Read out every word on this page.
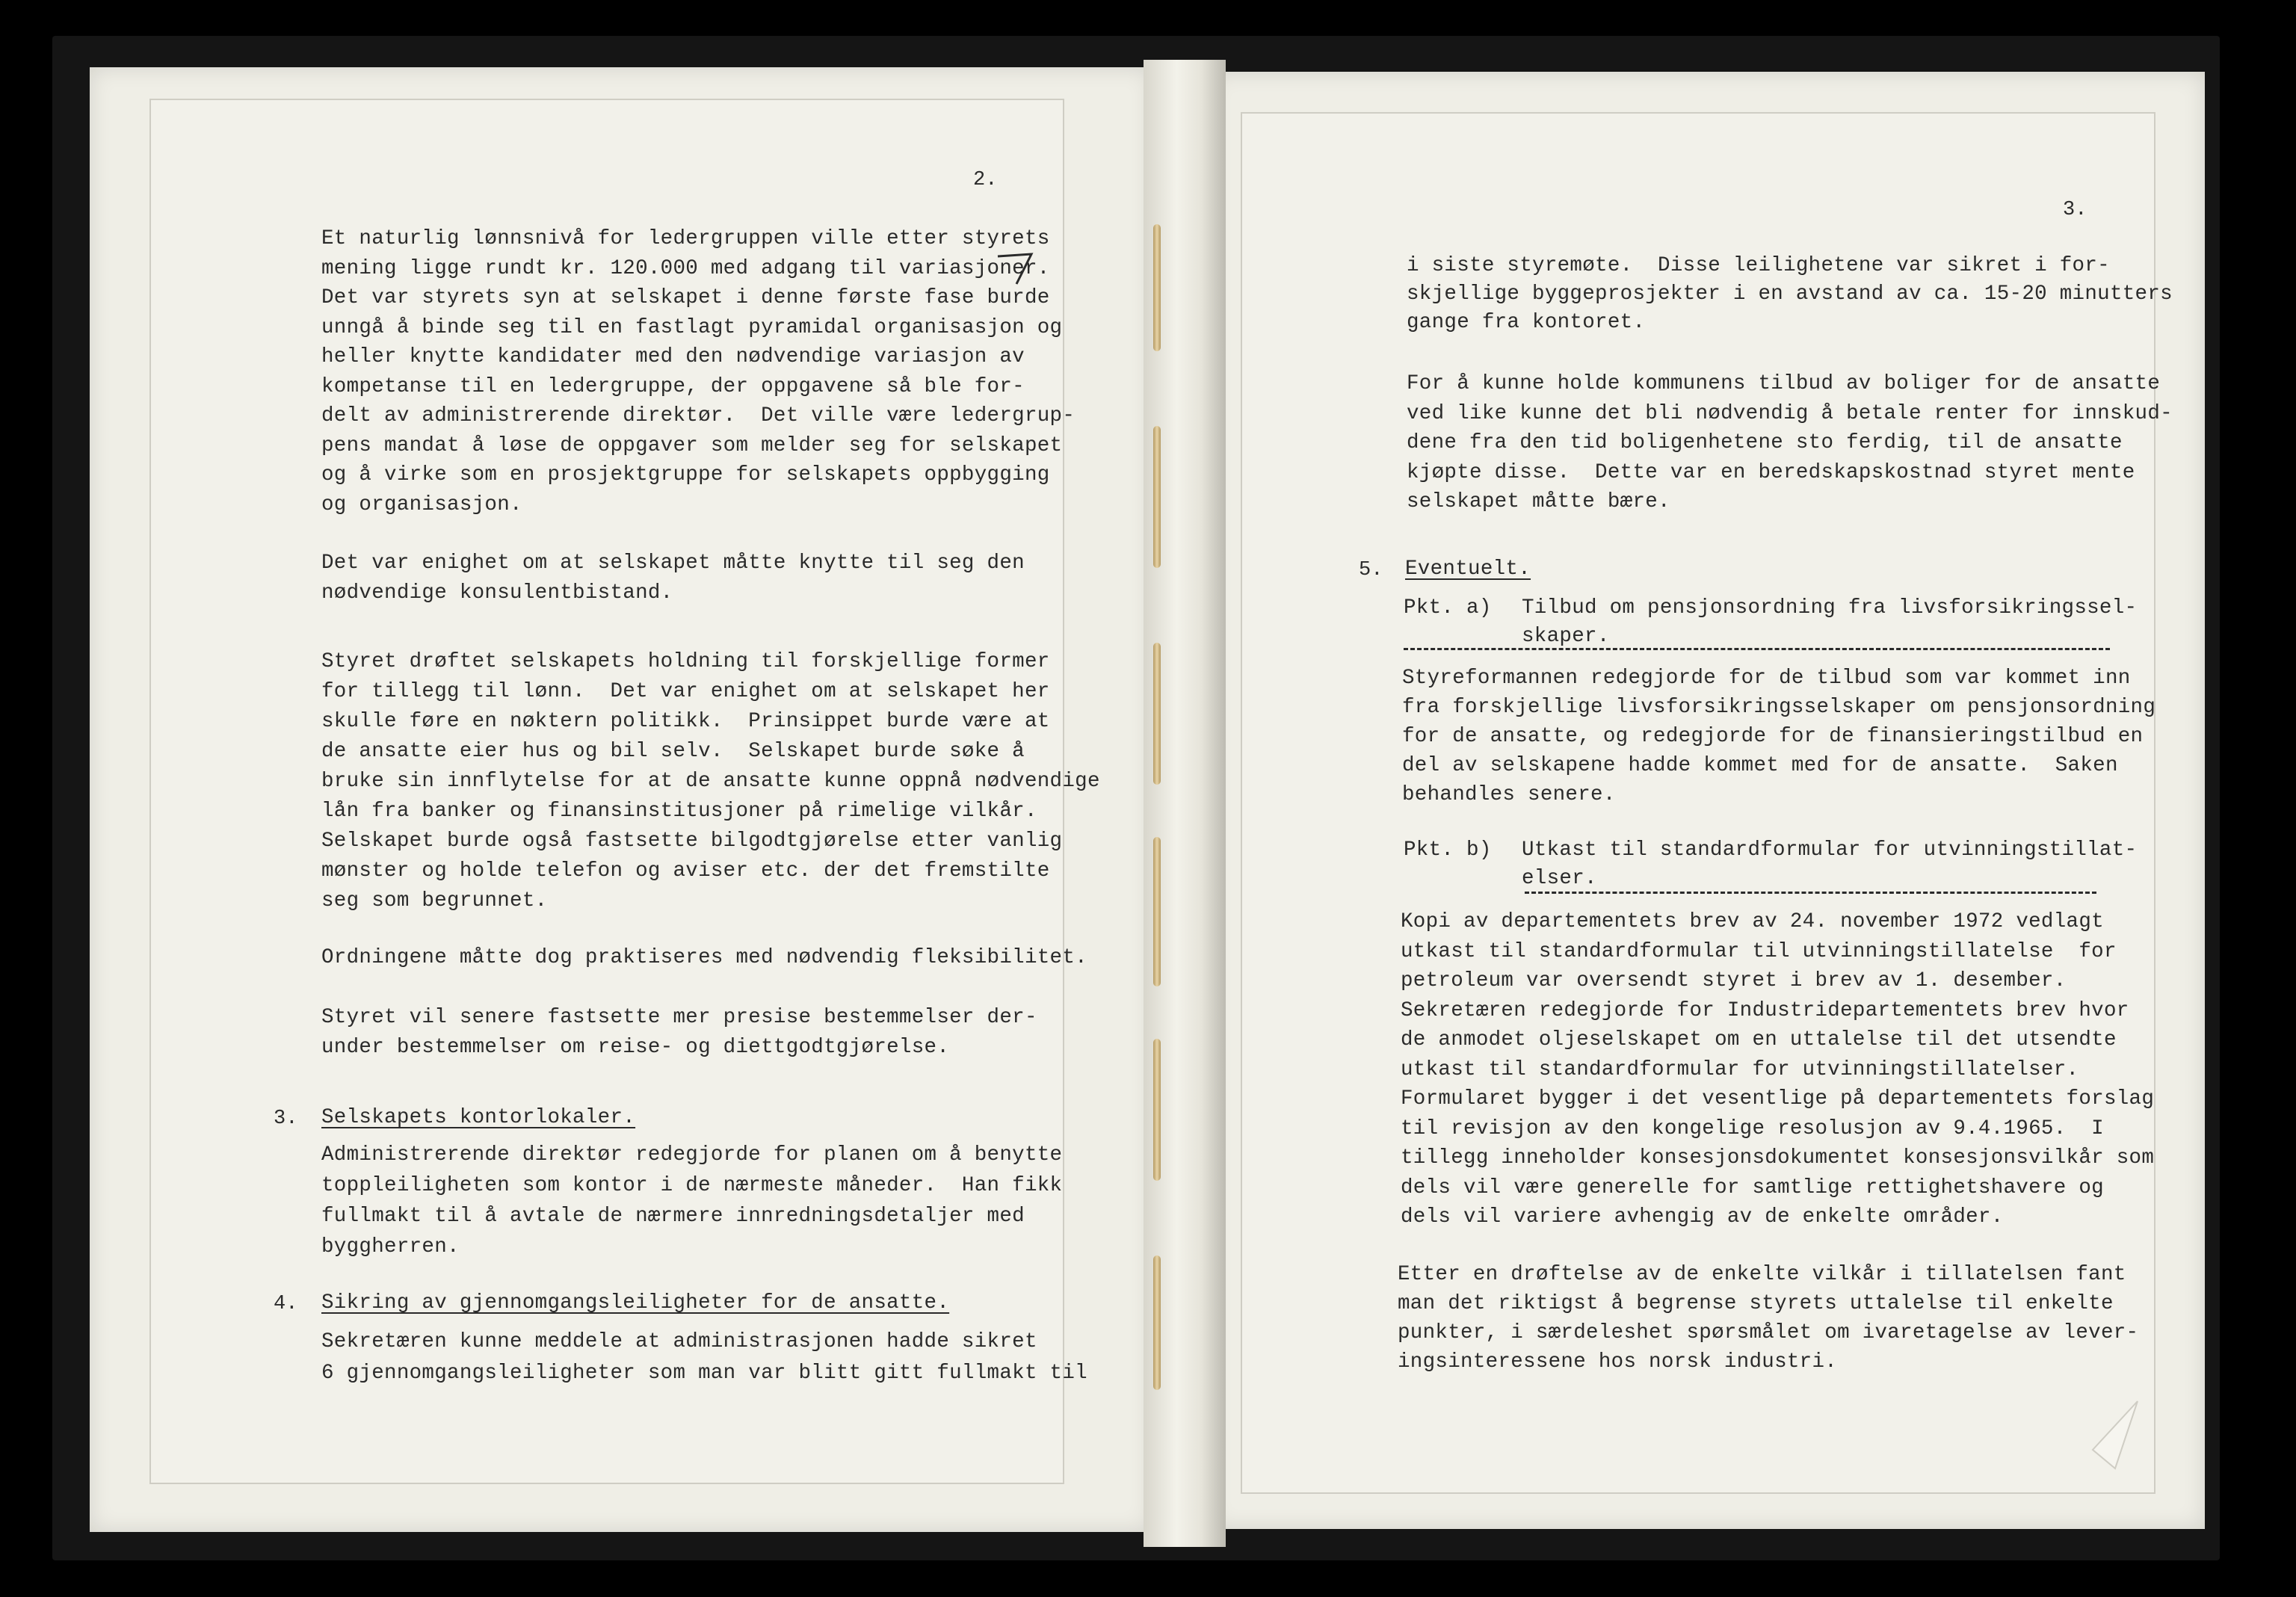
2.
Et naturlig lønnsnivå for ledergruppen ville etter styrets
mening ligge rundt kr. 120.000 med adgang til variasjoner.
Det var styrets syn at selskapet i denne første fase burde
unngå å binde seg til en fastlagt pyramidal organisasjon og
heller knytte kandidater med den nødvendige variasjon av
kompetanse til en ledergruppe, der oppgavene så ble for-
delt av administrerende direktør.  Det ville være ledergrup-
pens mandat å løse de oppgaver som melder seg for selskapet
og å virke som en prosjektgruppe for selskapets oppbygging
og organisasjon.
Det var enighet om at selskapet måtte knytte til seg den
nødvendige konsulentbistand.
Styret drøftet selskapets holdning til forskjellige former
for tillegg til lønn.  Det var enighet om at selskapet her
skulle føre en nøktern politikk.  Prinsippet burde være at
de ansatte eier hus og bil selv.  Selskapet burde søke å
bruke sin innflytelse for at de ansatte kunne oppnå nødvendige
lån fra banker og finansinstitusjoner på rimelige vilkår.
Selskapet burde også fastsette bilgodtgjørelse etter vanlig
mønster og holde telefon og aviser etc. der det fremstilte
seg som begrunnet.
Ordningene måtte dog praktiseres med nødvendig fleksibilitet.
Styret vil senere fastsette mer presise bestemmelser der-
under bestemmelser om reise- og diettgodtgjørelse.
3. Selskapets kontorlokaler.
Administrerende direktør redegjorde for planen om å benytte
toppleiligheten som kontor i de nærmeste måneder.  Han fikk
fullmakt til å avtale de nærmere innredningsdetaljer med
byggherren.
4. Sikring av gjennomgangsleiligheter for de ansatte.
Sekretæren kunne meddele at administrasjonen hadde sikret
6 gjennomgangsleiligheter som man var blitt gitt fullmakt til
3.
i siste styremøte.  Disse leilighetene var sikret i for-
skjellige byggeprosjekter i en avstand av ca. 15-20 minutters
gange fra kontoret.
For å kunne holde kommunens tilbud av boliger for de ansatte
ved like kunne det bli nødvendig å betale renter for innskud-
dene fra den tid boligenhetene sto ferdig, til de ansatte
kjøpte disse.  Dette var en beredskapskostnad styret mente
selskapet måtte bære.
5. Eventuelt.
Pkt. a) Tilbud om pensjonsordning fra livsforsikringssel-
skaper.
Styreformannen redegjorde for de tilbud som var kommet inn
fra forskjellige livsforsikringsselskaper om pensjonsordning
for de ansatte, og redegjorde for de finansieringstilbud en
del av selskapene hadde kommet med for de ansatte.  Saken
behandles senere.
Pkt. b) Utkast til standardformular for utvinningstillat-
elser.
Kopi av departementets brev av 24. november 1972 vedlagt
utkast til standardformular til utvinningstillatelse  for
petroleum var oversendt styret i brev av 1. desember.
Sekretæren redegjorde for Industridepartementets brev hvor
de anmodet oljeselskapet om en uttalelse til det utsendte
utkast til standardformular for utvinningstillatelser.
Formularet bygger i det vesentlige på departementets forslag
til revisjon av den kongelige resolusjon av 9.4.1965.  I
tillegg inneholder konsesjonsdokumentet konsesjonsvilkår som
dels vil være generelle for samtlige rettighetshavere og
dels vil variere avhengig av de enkelte områder.
Etter en drøftelse av de enkelte vilkår i tillatelsen fant
man det riktigst å begrense styrets uttalelse til enkelte
punkter, i særdeleshet spørsmålet om ivaretagelse av lever-
ingsinteressene hos norsk industri.
